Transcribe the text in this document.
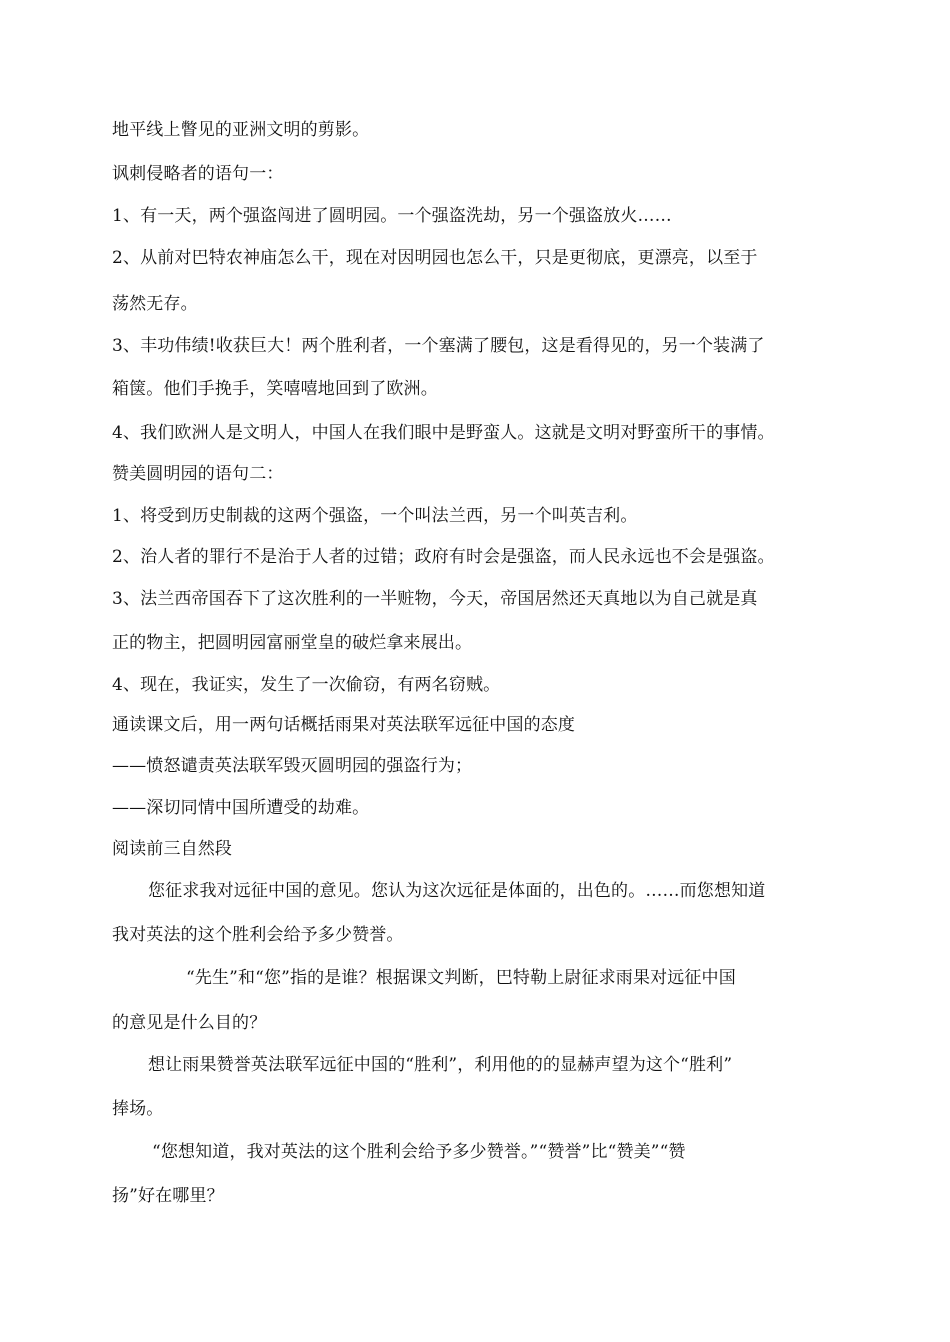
地平线上瞥见的亚洲文明的剪影。
讽刺侵略者的语句一：
1、有一天，两个强盗闯进了圆明园。一个强盗洗劫，另一个强盗放火……
2、从前对巴特农神庙怎么干，现在对因明园也怎么干，只是更彻底，更漂亮，以至于
荡然无存。
3、丰功伟绩!收获巨大！两个胜利者，一个塞满了腰包，这是看得见的，另一个装满了
箱箧。他们手挽手，笑嘻嘻地回到了欧洲。
4、我们欧洲人是文明人，中国人在我们眼中是野蛮人。这就是文明对野蛮所干的事情。
赞美圆明园的语句二：
1、将受到历史制裁的这两个强盗，一个叫法兰西，另一个叫英吉利。
2、治人者的罪行不是治于人者的过错；政府有时会是强盗，而人民永远也不会是强盗。
3、法兰西帝国吞下了这次胜利的一半赃物，今天，帝国居然还天真地以为自己就是真
正的物主，把圆明园富丽堂皇的破烂拿来展出。
4、现在，我证实，发生了一次偷窃，有两名窃贼。
通读课文后，用一两句话概括雨果对英法联军远征中国的态度
——愤怒谴责英法联军毁灭圆明园的强盗行为；
——深切同情中国所遭受的劫难。
阅读前三自然段
您征求我对远征中国的意见。您认为这次远征是体面的，出色的。……而您想知道
我对英法的这个胜利会给予多少赞誉。
“先生”和“您”指的是谁？根据课文判断，巴特勒上尉征求雨果对远征中国
的意见是什么目的？
想让雨果赞誉英法联军远征中国的“胜利”，利用他的的显赫声望为这个“胜利”
捧场。
“您想知道，我对英法的这个胜利会给予多少赞誉。”“赞誉”比“赞美”“赞
扬”好在哪里？
